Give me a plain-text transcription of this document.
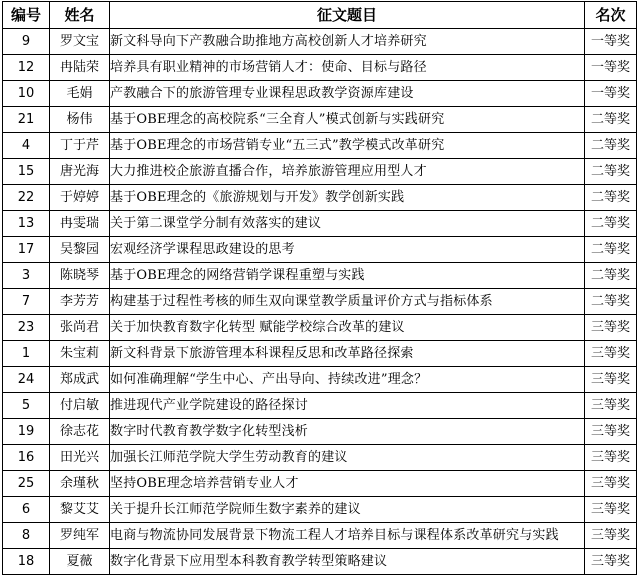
编号	姓名	征文题目	名次
9	罗文宝	新文科导向下产教融合助推地方高校创新人才培养研究	一等奖
12	冉陆荣	培养具有职业精神的市场营销人才：使命、目标与路径	一等奖
10	毛娟	产教融合下的旅游管理专业课程思政教学资源库建设	一等奖
21	杨伟	基于OBE理念的高校院系“三全育人”模式创新与实践研究	二等奖
4	丁于芹	基于OBE理念的市场营销专业“五三式”教学模式改革研究	二等奖
15	唐光海	大力推进校企旅游直播合作，培养旅游管理应用型人才	二等奖
22	于婷婷	基于OBE理念的《旅游规划与开发》教学创新实践	二等奖
13	冉雯瑞	关于第二课堂学分制有效落实的建议	二等奖
17	吴黎园	宏观经济学课程思政建设的思考	二等奖
3	陈晓琴	基于OBE理念的网络营销学课程重塑与实践	二等奖
7	李芳芳	构建基于过程性考核的师生双向课堂教学质量评价方式与指标体系	二等奖
23	张尚君	关于加快教育数字化转型 赋能学校综合改革的建议	三等奖
1	朱宝莉	新文科背景下旅游管理本科课程反思和改革路径探索	三等奖
24	郑成武	如何准确理解“学生中心、产出导向、持续改进”理念？	三等奖
5	付启敏	推进现代产业学院建设的路径探讨	三等奖
19	徐志花	数字时代教育教学数字化转型浅析	三等奖
16	田光兴	加强长江师范学院大学生劳动教育的建议	三等奖
25	余瑾秋	坚持OBE理念培养营销专业人才	三等奖
6	黎艾艾	关于提升长江师范学院师生数字素养的建议	三等奖
8	罗纯军	电商与物流协同发展背景下物流工程人才培养目标与课程体系改革研究与实践	三等奖
18	夏薇	数字化背景下应用型本科教育教学转型策略建议	三等奖
